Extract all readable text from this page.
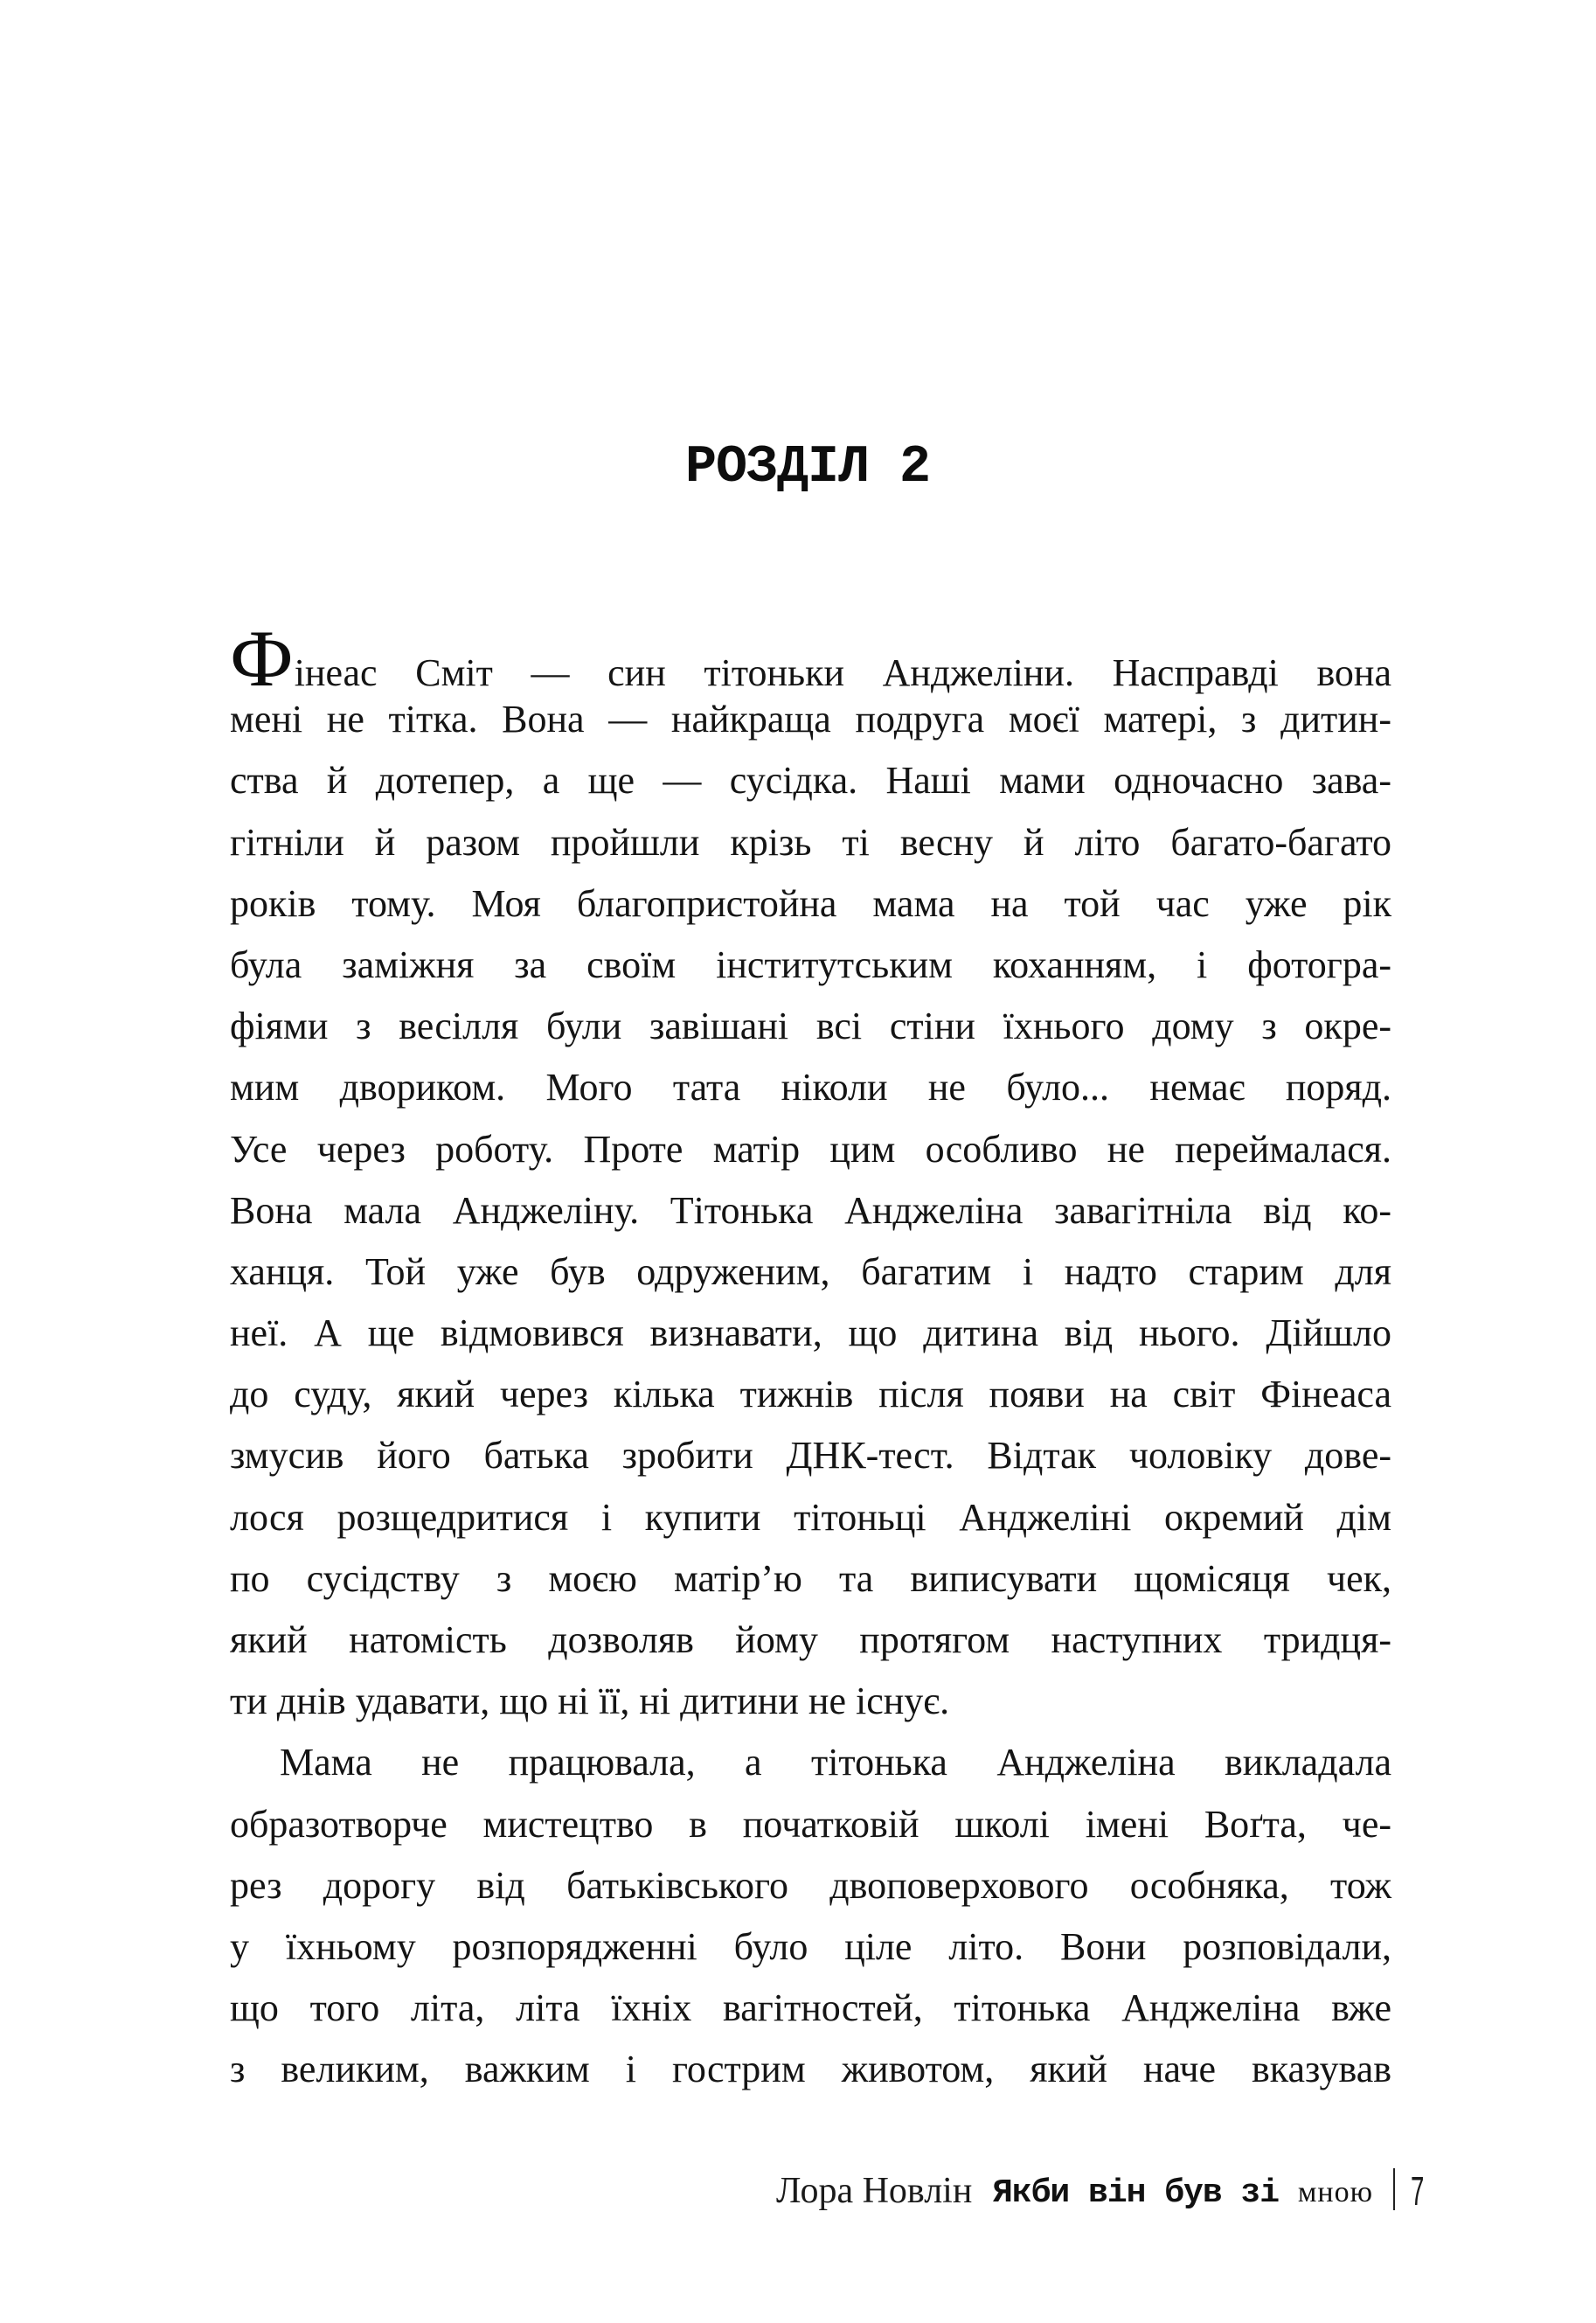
РОЗДІЛ 2
Фінеас Сміт — син тітоньки Анджеліни. Насправді вона
мені не тітка. Вона — найкраща подруга моєї матері, з дитин-
ства й дотепер, а ще — сусідка. Наші мами одночасно зава-
гітніли й разом пройшли крізь ті весну й літо багато-багато
років тому. Моя благопристойна мама на той час уже рік
була заміжня за своїм інститутським коханням, і фотогра-
фіями з весілля були завішані всі стіни їхнього дому з окре-
мим двориком. Мого тата ніколи не було... немає поряд.
Усе через роботу. Проте матір цим особливо не переймалася.
Вона мала Анджеліну. Тітонька Анджеліна завагітніла від ко-
ханця. Той уже був одруженим, багатим і надто старим для
неї. А ще відмовився визнавати, що дитина від нього. Дійшло
до суду, який через кілька тижнів після появи на світ Фінеаса
змусив його батька зробити ДНК-тест. Відтак чоловіку дове-
лося розщедритися і купити тітоньці Анджеліні окремий дім
по сусідству з моєю матір’ю та виписувати щомісяця чек,
який натомість дозволяв йому протягом наступних тридця-
ти днів удавати, що ні її, ні дитини не існує.
Мама не працювала, а тітонька Анджеліна викладала
образотворче мистецтво в початковій школі імені Воґта, че-
рез дорогу від батьківського двоповерхового особняка, тож
у їхньому розпорядженні було ціле літо. Вони розповідали,
що того літа, літа їхніх вагітностей, тітонька Анджеліна вже
з великим, важким і гострим животом, який наче вказував
Лора Новлін Якби він був зі мною 7
